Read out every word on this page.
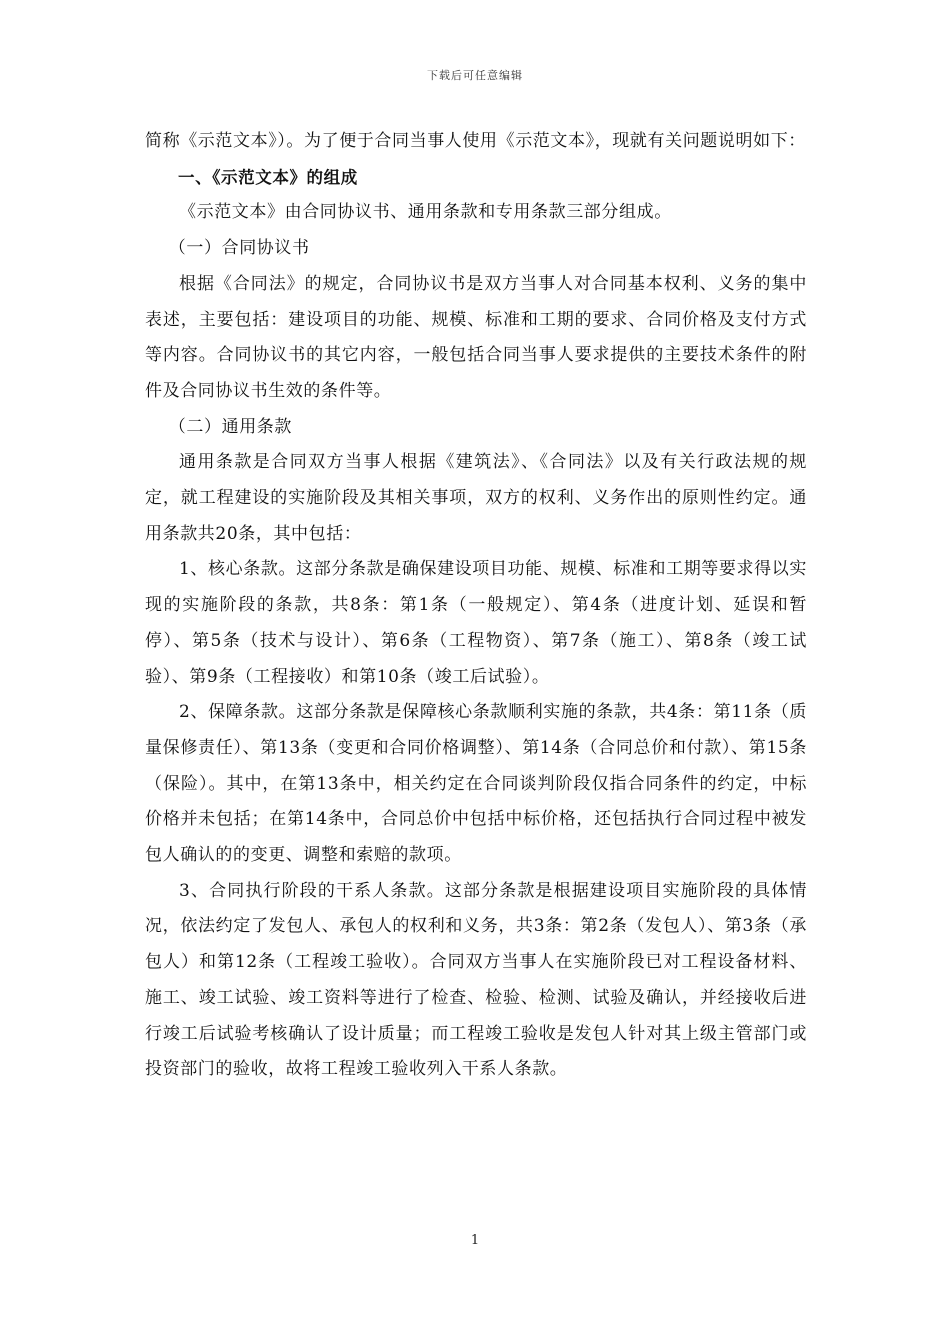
下载后可任意编辑

简称《示范文本》）。为了便于合同当事人使用《示范文本》，现就有关问题说明如下：

一、《示范文本》的组成

《示范文本》由合同协议书、通用条款和专用条款三部分组成。

（一）合同协议书

根据《合同法》的规定，合同协议书是双方当事人对合同基本权利、义务的集中表述，主要包括：建设项目的功能、规模、标准和工期的要求、合同价格及支付方式等内容。合同协议书的其它内容，一般包括合同当事人要求提供的主要技术条件的附件及合同协议书生效的条件等。

（二）通用条款

通用条款是合同双方当事人根据《建筑法》、《合同法》以及有关行政法规的规定，就工程建设的实施阶段及其相关事项，双方的权利、义务作出的原则性约定。通用条款共20条，其中包括：

1、核心条款。这部分条款是确保建设项目功能、规模、标准和工期等要求得以实现的实施阶段的条款，共8条：第1条（一般规定）、第4条（进度计划、延误和暂停）、第5条（技术与设计）、第6条（工程物资）、第7条（施工）、第8条（竣工试验）、第9条（工程接收）和第10条（竣工后试验）。

2、保障条款。这部分条款是保障核心条款顺利实施的条款，共4条：第11条（质量保修责任）、第13条（变更和合同价格调整）、第14条（合同总价和付款）、第15条（保险）。其中，在第13条中，相关约定在合同谈判阶段仅指合同条件的约定，中标价格并未包括；在第14条中，合同总价中包括中标价格，还包括执行合同过程中被发包人确认的的变更、调整和索赔的款项。

3、合同执行阶段的干系人条款。这部分条款是根据建设项目实施阶段的具体情况，依法约定了发包人、承包人的权利和义务，共3条：第2条（发包人）、第3条（承包人）和第12条（工程竣工验收）。合同双方当事人在实施阶段已对工程设备材料、施工、竣工试验、竣工资料等进行了检查、检验、检测、试验及确认，并经接收后进行竣工后试验考核确认了设计质量；而工程竣工验收是发包人针对其上级主管部门或投资部门的验收，故将工程竣工验收列入干系人条款。

1
